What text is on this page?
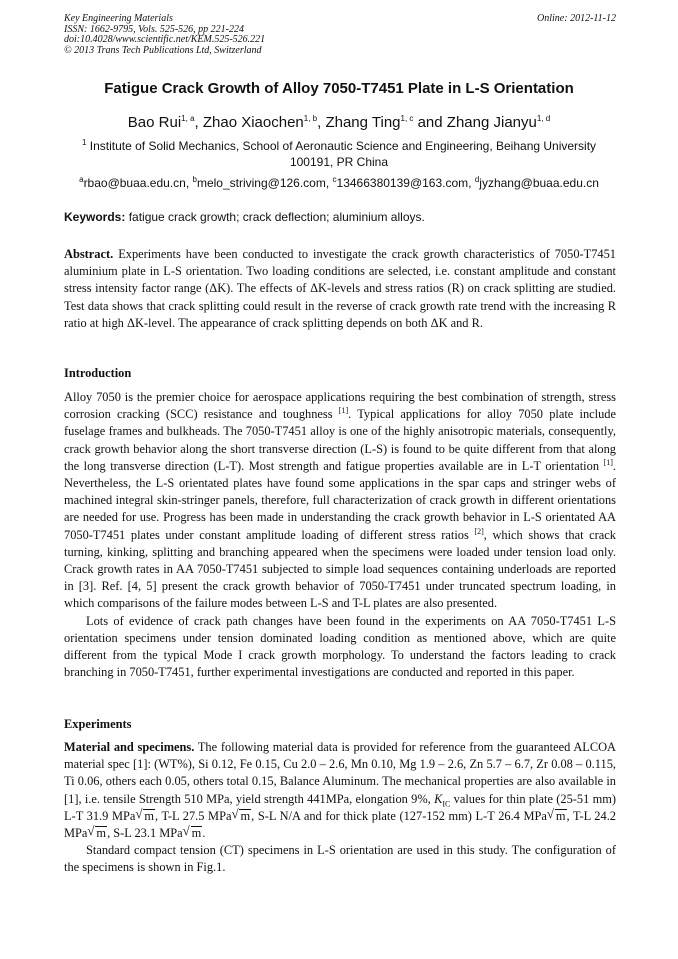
Key Engineering Materials
ISSN: 1662-9795, Vols. 525-526, pp 221-224
doi:10.4028/www.scientific.net/KEM.525-526.221
© 2013 Trans Tech Publications Ltd, Switzerland
Online: 2012-11-12
Fatigue Crack Growth of Alloy 7050-T7451 Plate in L-S Orientation
Bao Rui$^{1, a}$, Zhao Xiaochen$^{1, b}$, Zhang Ting$^{1, c}$ and Zhang Jianyu$^{1, d}$
$^1$ Institute of Solid Mechanics, School of Aeronautic Science and Engineering, Beihang University 100191, PR China
$^a$rbao@buaa.edu.cn, $^b$melo_striving@126.com, $^c$13466380139@163.com, $^d$jyzhang@buaa.edu.cn
Keywords: fatigue crack growth; crack deflection; aluminium alloys.

Abstract. Experiments have been conducted to investigate the crack growth characteristics of 7050-T7451 aluminium plate in L-S orientation. Two loading conditions are selected, i.e. constant amplitude and constant stress intensity factor range (ΔK). The effects of ΔK-levels and stress ratios (R) on crack splitting are studied. Test data shows that crack splitting could result in the reverse of crack growth rate trend with the increasing R ratio at high ΔK-level. The appearance of crack splitting depends on both ΔK and R.

Introduction

Alloy 7050 is the premier choice for aerospace applications requiring the best combination of strength, stress corrosion cracking (SCC) resistance and toughness [1]. Typical applications for alloy 7050 plate include fuselage frames and bulkheads. The 7050-T7451 alloy is one of the highly anisotropic materials, consequently, crack growth behavior along the short transverse direction (L-S) is found to be quite different from that along the long transverse direction (L-T). Most strength and fatigue properties available are in L-T orientation [1]. Nevertheless, the L-S orientated plates have found some applications in the spar caps and stringer webs of machined integral skin-stringer panels, therefore, full characterization of crack growth in different orientations are needed for use. Progress has been made in understanding the crack growth behavior in L-S orientated AA 7050-T7451 plates under constant amplitude loading of different stress ratios [2], which shows that crack turning, kinking, splitting and branching appeared when the specimens were loaded under tension load only. Crack growth rates in AA 7050-T7451 subjected to simple load sequences containing underloads are reported in [3]. Ref. [4, 5] present the crack growth behavior of 7050-T7451 under truncated spectrum loading, in which comparisons of the failure modes between L-S and T-L plates are also presented.

Lots of evidence of crack path changes have been found in the experiments on AA 7050-T7451 L-S orientation specimens under tension dominated loading condition as mentioned above, which are quite different from the typical Mode I crack growth morphology. To understand the factors leading to crack branching in 7050-T7451, further experimental investigations are conducted and reported in this paper.

Experiments

Material and specimens. The following material data is provided for reference from the guaranteed ALCOA material spec [1]: (WT%), Si 0.12, Fe 0.15, Cu 2.0 – 2.6, Mn 0.10, Mg 1.9 – 2.6, Zn 5.7 – 6.7, Zr 0.08 – 0.115, Ti 0.06, others each 0.05, others total 0.15, Balance Aluminum. The mechanical properties are also available in [1], i.e. tensile Strength 510 MPa, yield strength 441MPa, elongation 9%, $K_{IC}$ values for thin plate (25-51 mm) L-T 31.9 MPa √ m, T-L 27.5 MPa √ m, S-L N/A and for thick plate (127-152 mm) L-T 26.4 MPa √ m, T-L 24.2 MPa √ m, S-L 23.1 MPa √ m.

Standard compact tension (CT) specimens in L-S orientation are used in this study. The configuration of the specimens is shown in Fig.1.
